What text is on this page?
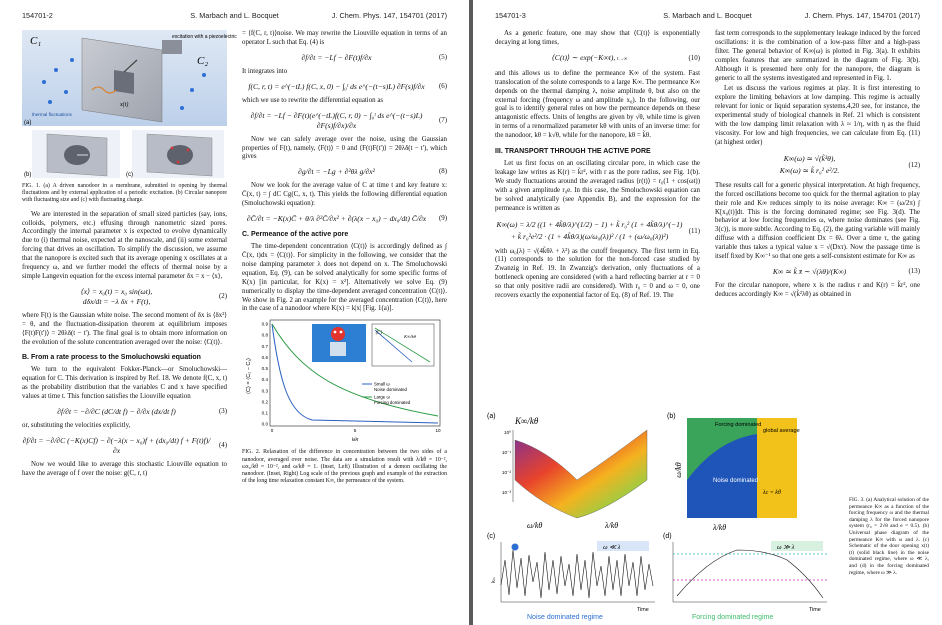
154701-2	S. Marbach and L. Bocquet	J. Chem. Phys. 147, 154701 (2017)
C₁
C₂
excitation with a piezoelectric
thermal fluctuations
x(t)
(a)
(b)	(c)
FIG. 1. (a) A driven nanodoor in a membrane, submitted to opening by thermal fluctuations and by external application of a periodic excitation. (b) Circular nanopore with fluctuating size and (c) with fluctuating charge.

We are interested in the separation of small sized particles (say, ions, colloids, polymers, etc.) effusing through nanometric sized pores. Accordingly the internal parameter x is expected to evolve dynamically due to (i) thermal noise, expected at the nanoscale, and (ii) some external forcing that drives an oscillation. To simplify the discussion, we assume that the nanopore is excited such that its average opening x oscillates at a frequency ω, and we further model the effects of thermal noise by a simple Langevin equation for the excess internal parameter δx = x − ⟨x⟩,

⟨x⟩ = x₀(t) = x₀ sin(ωt),
dδx/dt = −λ δx + F(t),
(2)

where F(t) is the Gaussian white noise. The second moment of δx is ⟨δx²⟩ = θ, and the fluctuation-dissipation theorem at equilibrium imposes ⟨F(t)F(t')⟩ = 2θλδ(t − t'). The final goal is to obtain more information on the evolution of the solute concentration averaged over the noise: ⟨C(t)⟩.

B. From a rate process to the Smoluchowski equation

We turn to the equivalent Fokker-Planck—or Smoluchowski—equation for C. This derivation is inspired by Ref. 18. We denote f(C, x, t) as the probability distribution that the variables C and x have specified values at time t. This function satisfies the Liouville equation

∂f/∂t = −∂/∂C (dC/dt f) − ∂/∂x (dx/dt f)	(3)

or, substituting the velocities explicitly,

∂f/∂t = −∂/∂C (−K(x)Cf) − ∂(−λ(x − x₀)f + (dx₀/dt) f + F(t)f)/∂x
(4)

Now we would like to average this stochastic Liouville equation to have the average of f over the noise: g(C, r, t)

= ⟨f(C, r, t)⟩noise. We may rewrite the Liouville equation in terms of an operator L such that Eq. (4) is

∂f/∂t = −Lf − ∂F(t)f/∂x	(5)

It integrates into

f(C, r, t) = e^(−tL) f(C, x, 0) − ∫₀ᵗ ds e^(−(t−s)L) ∂F(s)f/∂x (6)

which we use to rewrite the differential equation as

∂f/∂t = −Lf − ∂F(t)(e^(−tL)f(C, r, 0) − ∫₀ᵗ ds e^(−(t−s)L) ∂F(s)f/∂x)/∂x
(7)

Now we can safely average over the noise, using the Gaussian properties of F(t), namely, ⟨F(t)⟩ = 0 and ⟨F(t)F(t')⟩ = 2θλδ(t − t'), which gives

∂g/∂t = −Lg + ∂²θλ g/∂x²	(8)

Now we look for the average value of C at time t and key feature x: C̄(x, t) = ∫ dC Cg(C, x, t). This yields the following differential equation (Smoluchowski equation):

∂C̄/∂t = −K(x)C̄ + θ/λ ∂²C̄/∂x² + ∂(λ(x − x₀) − dx₀/dt) C̄/∂x (9)
C. Permeance of the active pore

The time-dependent concentration ⟨C(t)⟩ is accordingly defined as ∫ C̄(x, t)dx = ⟨C(t)⟩. For simplicity in the following, we consider that the noise damping parameter λ does not depend on x. The Smoluchowski equation, Eq. (9), can be solved analytically for some specific forms of K(x) [in particular, for K(x) = x²]. Alternatively we solve Eq. (9) numerically to display the time-dependent averaged concentration ⟨C(t)⟩. We show in Fig. 2 an example for the averaged concentration ⟨C(t)⟩, here in the case of a nanodoor where K(x) = k|x| [Fig. 1(a)].

0.9
0.8
0.7
0.6
0.5
0.4
0.3
0.2
0.1
0.0
0	5	10
⟨C⟩ = ⟨C₂ − C₁⟩
kθt
⟨C⟩
K∞/kθ
Small ω
Noise dominated
Large ω
Forcing dominated
FIG. 2. Relaxation of the difference in concentration between the two sides of a nanodoor, averaged over noise. The data are a simulation result with λ/kθ = 10⁻², ωx₀/kθ = 10⁻², and ω/kθ = 1. (Inset, Left) Illustration of a demon oscillating the nanodoor. (Inset, Right) Log scale of the previous graph and example of the extraction of the long time relaxation constant K∞, the permeance of the system.
154701-3	S. Marbach and L. Bocquet	J. Chem. Phys. 147, 154701 (2017)

As a generic feature, one may show that ⟨C(t)⟩ is exponentially decaying at long times,

⟨C(t)⟩ ∼ exp(−K∞t), t→∞	(10)

and this allows us to define the permeance K∞ of the system. Fast translocation of the solute corresponds to a large K∞. The permeance K∞ depends on the thermal damping λ, noise amplitude θ, but also on the external forcing (frequency ω and amplitude x₀). In the following, our goal is to identify general rules on how the permeance depends on these antagonistic effects. Units of lengths are given by √θ, while time is given in terms of a renormalized parameter kθ with units of an inverse time: for the nanodoor, kθ = k√θ, while for the nanopore, kθ = k̃θ.

III. TRANSPORT THROUGH THE ACTIVE PORE

Let us first focus on an oscillating circular pore, in which case the leakage law writes as K(r) = k̃r², with r as the pore radius, see Fig. 1(b). We study fluctuations around the averaged radius ⟨r(t)⟩ = r₀(1 + cos(ωt)) with a given amplitude r₀e. In this case, the Smoluchowski equation can be solved analytically (see Appendix B), and the expression for the permeance is written as

K∞(ω) = λ/2 ((1 + 4k̃θ/λ)^(1/2) − 1) + k̃ r₀² (1 + 4k̃θ/λ)^(−1)
+ k̃ r₀²e²/2 · (1 + 4k̃θ/λ)(ω/ω₀(λ))² / (1 + (ω/ω₀(λ))²)
(11)

with ω₀(λ) = √(4k̃θλ + λ²) as the cutoff frequency. The first term in Eq. (11) corresponds to the solution for the non-forced case studied by Zwanzig in Ref. 19. In Zwanzig's derivation, only fluctuations of a bottleneck opening are considered (with a hard reflecting barrier at r = 0 so that only positive radii are considered). With r₀ = 0 and ω = 0, one recovers exactly the exponential factor of Eq. (8) of Ref. 19. The

fast term corresponds to the supplementary leakage induced by the forced oscillations: it is the combination of a low-pass filter and a high-pass filter. The general behavior of K∞(ω) is plotted in Fig. 3(a). It exhibits complex features that are summarized in the diagram of Fig. 3(b). Although it is presented here only for the nanopore, the diagram is generic to all the systems investigated and represented in Fig. 1.

Let us discuss the various regimes at play. It is first interesting to explore the limiting behaviors at low damping. This regime is actually relevant for ionic or liquid separation systems,4,20 see, for instance, the experimental study of biological channels in Ref. 21 which is consistent with the low damping limit relaxation with λ ≈ 1/η, with η as the fluid viscosity. For low and high frequencies, we can calculate from Eq. (11) (at highest order)

K∞(ω) ≃ √(k̃³θ),
K∞(ω) ≃ k̃ r₀² e²/2.
(12)

These results call for a generic physical interpretation. At high frequency, the forced oscillations become too quick for the thermal agitation to play their role and K∞ reduces simply to its noise average: K∞ = (ω/2π) ∫ K[x₀(t)]dt. This is the forcing dominated regime; see Fig. 3(d). The behavior at low forcing frequencies ω, where noise dominates (see Fig. 3(c)), is more subtle. According to Eq. (2), the gating variable will mainly diffuse with a diffusion coefficient Dx = θλ. Over a time τ, the gating variable thus takes a typical value x = √(Dxτ). Now the passage time is itself fixed by K∞⁻¹ so that one gets a self-consistent estimate for K∞ as

K∞ ≃ k̃ x̄ ∼ √(λθ)/(K∞)	(13)

For the circular nanopore, where x is the radius r and K(r) = k̃r², one deduces accordingly K∞ = √(k̃²λθ) as obtained in

(a) K∞/kθ
10⁰
10⁻¹
10⁻²
10⁻³
ω/kθ	λ/kθ
(b)
ω/kθ
Forcing dominated
global average
Noise dominated
λc = kθ
λ/kθ
(c)
kₘ
ω ≪ λ
Time
Noise dominated regime
(d)
ω ≫ λ
Time
Forcing dominated regime
FIG. 3. (a) Analytical solution of the permeance K∞ as a function of the forcing frequency ω and the thermal damping λ for the forced nanopore system (r₀ = 2√θ and e = 0.5). (b) Universal phase diagram of the permeance K∞ with ω and λ. (c) Schematic of the door opening x(t)(t) (solid black line) in the noise dominated regime, where ω ≪ λ, and (d) in the forcing dominated regime, where ω ≫ λ.
